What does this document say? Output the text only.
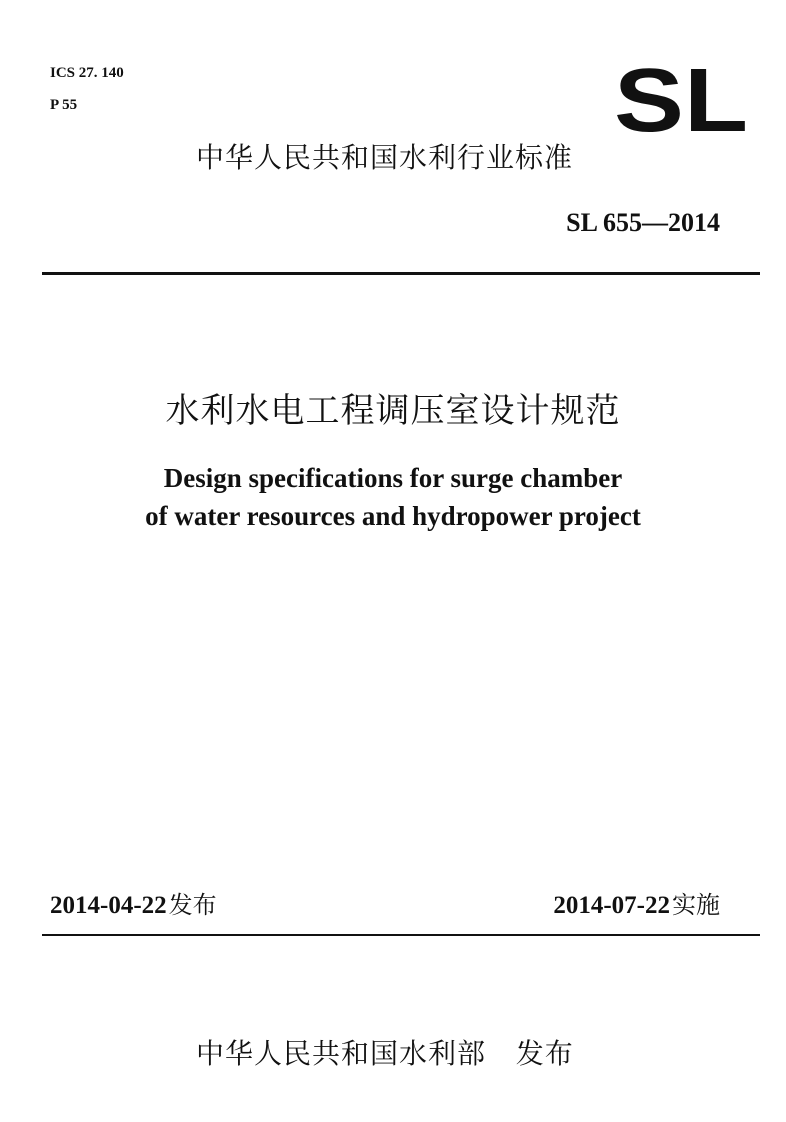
ICS 27. 140
P 55	SL
中华人民共和国水利行业标准
SL 655—2014
水利水电工程调压室设计规范
Design specifications for surge chamber
of water resources and hydropower project
2014-04-22发布	2014-07-22实施
中华人民共和国水利部 发布
